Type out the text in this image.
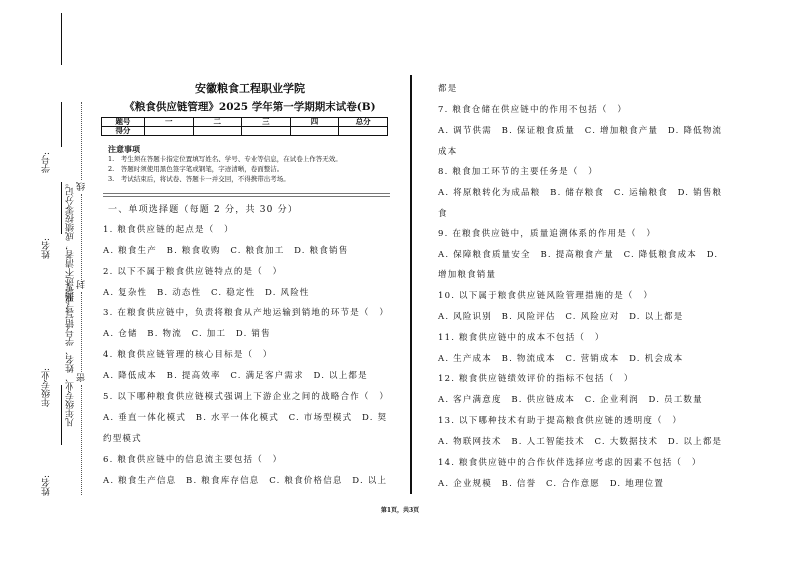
学号:
姓名:
年级专业:
姓名:
写或字迹不清者，成绩按零分记。
凡年级专业、姓名、学号错写、漏写
线
封
密
安徽粮食工程职业学院
《粮食供应链管理》2025 学年第一学期期末试卷(B)
题号	一	二	三	四	总分
得分					
注意事项
1.　考生须在答题卡指定位置填写姓名、学号、专业等信息，在试卷上作答无效。
2.　答题时须使用黑色签字笔或钢笔，字迹清晰，卷面整洁。
3.　考试结束后，将试卷、答题卡一并交回，不得携带出考场。
一、单项选择题（每题 2 分，共 30 分）
1. 粮食供应链的起点是（　）
A. 粮食生产　B. 粮食收购　C. 粮食加工　D. 粮食销售
2. 以下不属于粮食供应链特点的是（　）
A. 复杂性　B. 动态性　C. 稳定性　D. 风险性
3. 在粮食供应链中，负责将粮食从产地运输到销地的环节是（　）
A. 仓储　B. 物流　C. 加工　D. 销售
4. 粮食供应链管理的核心目标是（　）
A. 降低成本　B. 提高效率　C. 满足客户需求　D. 以上都是
5. 以下哪种粮食供应链模式强调上下游企业之间的战略合作（　）
A. 垂直一体化模式　B. 水平一体化模式　C. 市场型模式　D. 契
约型模式
6. 粮食供应链中的信息流主要包括（　）
A. 粮食生产信息　B. 粮食库存信息　C. 粮食价格信息　D. 以上
都是
7. 粮食仓储在供应链中的作用不包括（　）
A. 调节供需　B. 保证粮食质量　C. 增加粮食产量　D. 降低物流
成本
8. 粮食加工环节的主要任务是（　）
A. 将原粮转化为成品粮　B. 储存粮食　C. 运输粮食　D. 销售粮
食
9. 在粮食供应链中，质量追溯体系的作用是（　）
A. 保障粮食质量安全　B. 提高粮食产量　C. 降低粮食成本　D.
增加粮食销量
10. 以下属于粮食供应链风险管理措施的是（　）
A. 风险识别　B. 风险评估　C. 风险应对　D. 以上都是
11. 粮食供应链中的成本不包括（　）
A. 生产成本　B. 物流成本　C. 营销成本　D. 机会成本
12. 粮食供应链绩效评价的指标不包括（　）
A. 客户满意度　B. 供应链成本　C. 企业利润　D. 员工数量
13. 以下哪种技术有助于提高粮食供应链的透明度（　）
A. 物联网技术　B. 人工智能技术　C. 大数据技术　D. 以上都是
14. 粮食供应链中的合作伙伴选择应考虑的因素不包括（　）
A. 企业规模　B. 信誉　C. 合作意愿　D. 地理位置
第1页，共3页
